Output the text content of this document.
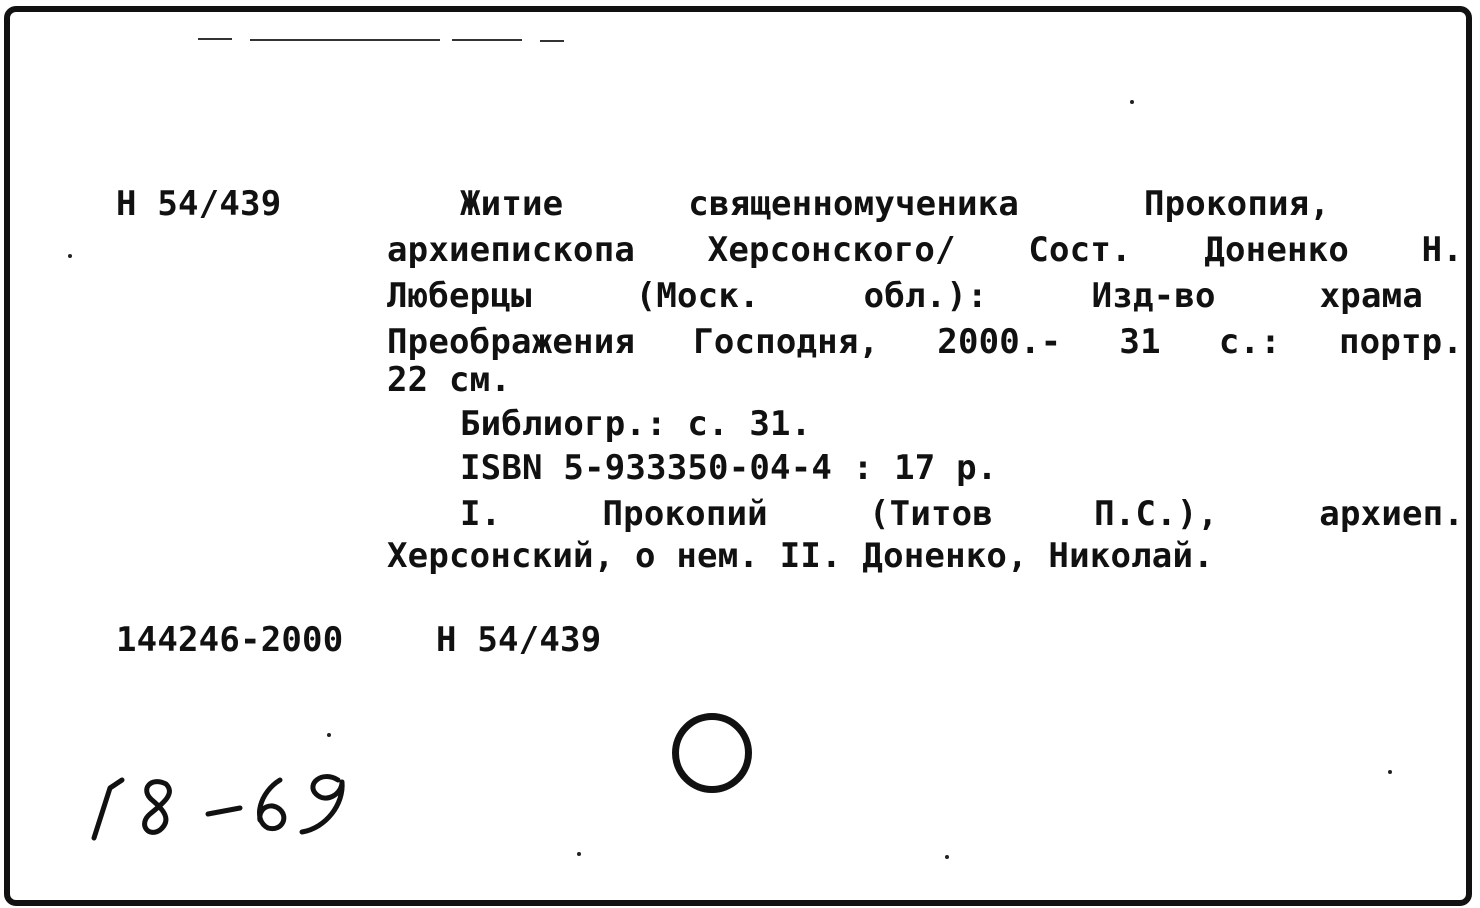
Н 54/439	Житие священномученика Прокопия,
архиепископа Херсонского/ Сост. Доненко Н.
Люберцы (Моск. обл.): Изд-во храма
Преображения Господня, 2000.- 31 с.: портр.
22 см.
Библиогр.: с. 31.
ISBN 5-933350-04-4 : 17 р.
I. Прокопий (Титов П.С.), архиеп.
Херсонский, о нем. II. Доненко, Николай.
144246-2000	Н 54/439
